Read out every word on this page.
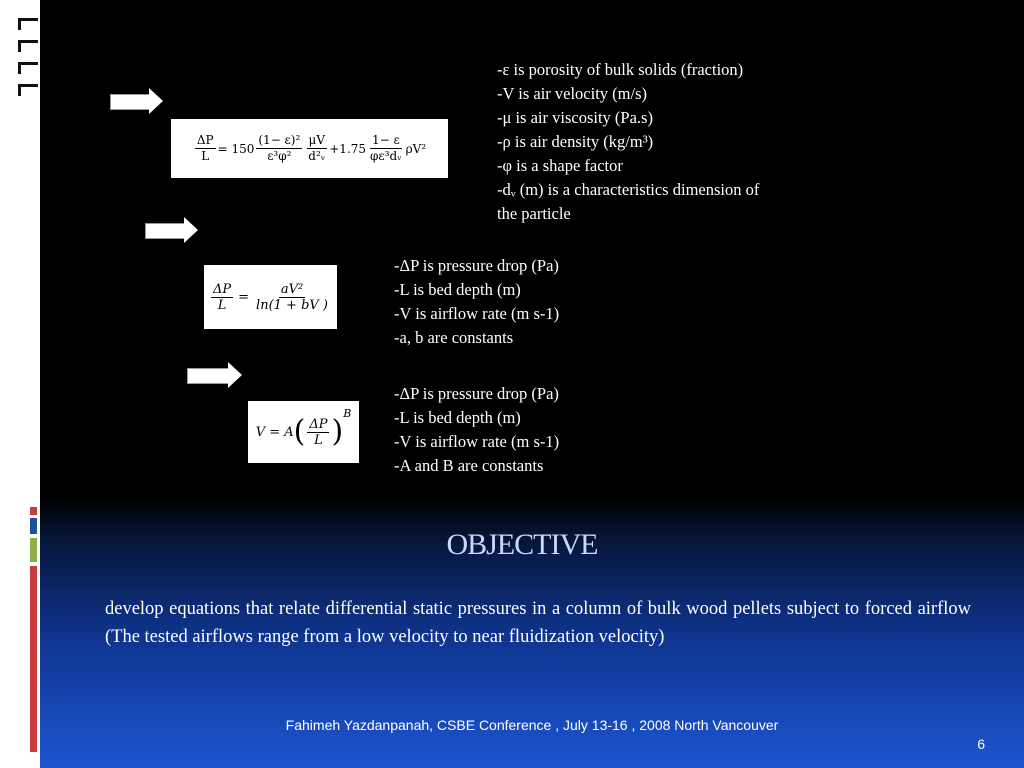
$\frac{\Delta P}{L} = 150 \frac{\text{(1− ε)²}}{\text{ε³φ²}} \frac{\mu V}{\text{d²ᵥ}} +1.75 \frac{1- \varepsilon}{\text{φε³dᵥ}} \rho V^2$
$\frac{\Delta P}{L} = \frac{\text{aV²}}{\ln(1 + bV )}$
V = A ( $\frac{\Delta P}{L}$ )
$^B$
-ε is porosity of bulk solids (fraction)
-V is air velocity (m/s)
-μ is air viscosity (Pa.s)
-ρ is air density (kg/m³)
-φ is a shape factor
-dᵥ (m) is a characteristics dimension of
the particle
-ΔP is pressure drop (Pa)
-L is bed depth (m)
-V is airflow rate (m s-1)
-a, b are constants
-ΔP is pressure drop (Pa)
-L is bed depth (m)
-V is airflow rate (m s-1)
-A and B are constants
OBJECTIVE
develop equations that relate differential static pressures in a column of bulk wood pellets subject to forced airflow (The tested airflows range from a low velocity to near fluidization velocity)
Fahimeh Yazdanpanah, CSBE Conference , July 13-16 , 2008 North Vancouver
6
